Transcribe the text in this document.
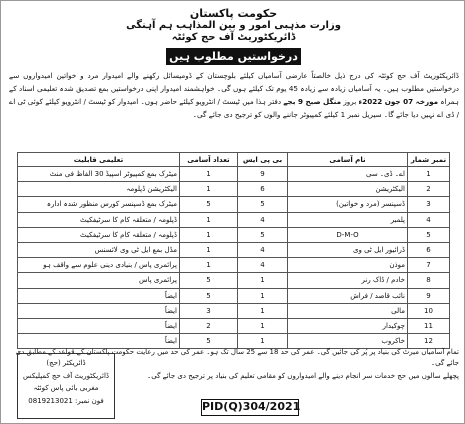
حکومت پاکستان
وزارت مذہبی امور و بین المذاہب ہم آہنگی
ڈائریکٹوریٹ آف حج کوئٹہ
درخواستیں مطلوب ہیں
ڈائریکٹوریٹ آف حج کوئٹہ کی درج ذیل خالصتاً عارضی آسامیاں کیلئے بلوچستان کے ڈومیسائل رکھنے والے امیدوار مرد و خواتین امیدواروں سے درخواستیں مطلوب ہیں۔ یہ آسامیاں زیادہ سے زیادہ 45 یوم تک کیلئے ہوں گی۔ خواہشمند امیدوار اپنی درخواستیں بمع تصدیق شدہ تعلیمی اسناد کے ہمراہ مورخہ 07 جون 2022ء بروز منگل صبح 9 بجے دفتر ہذا میں ٹیسٹ / انٹرویو کیلئے حاضر ہوں۔ امیدوار کو ٹیسٹ / انٹرویو کیلئے کوئی ٹی اے / ڈی اے نہیں دیا جائے گا۔ سیریل نمبر 1 کیلئے کمپیوٹر جاننے والوں کو ترجیح دی جائے گی۔
نمبر شمار	نام آسامی	بی پی ایس	تعداد آسامی	تعلیمی قابلیت
1	اے۔ ڈی۔ سی	9	1	میٹرک بمع کمپیوٹر اسپیڈ 30 الفاظ فی منٹ
2	الیکٹریشن	6	1	الیکٹریشن ڈپلومہ
3	ڈسپنسر (مرد و خواتین)	5	5	میٹرک بمع ڈسپنسر کورس منظور شدہ ادارہ
4	پلمبر	4	1	ڈپلومہ / متعلقہ کام کا سرٹیفکیٹ
5	D-M-O	5	1	ڈپلومہ / متعلقہ کام کا سرٹیفکیٹ
6	ڈرائیور ایل ٹی وی	4	1	مڈل بمع ایل ٹی وی لائسنس
7	موذن	4	1	پرائمری پاس / بنیادی دینی علوم سے واقف ہو
8	خادم / ڈاک رنر	1	5	پرائمری پاس
9	نائب قاصد / فراش	1	5	ایضاً
10	مالی	1	3	ایضاً
11	چوکیدار	1	2	ایضاً
12	خاکروب	1	5	ایضاً
تمام آسامیاں میرٹ کی بنیاد پر پُر کی جائیں گی۔ عمر کی حد 18 سے 25 سال تک ہو۔ عمر کی حد میں رعایت حکومت پاکستان کے قواعد کے مطابق دی جائے گی۔
پچھلے سالوں میں حج خدمات سر انجام دینے والے امیدواروں کو مقامی تعلیم کی بنیاد پر ترجیح دی جائے گی۔
ڈائریکٹر (حج)
ڈائریکٹوریٹ آف حج کمپلیکس
مغربی بائی پاس کوئٹہ
فون نمبر: 0819213021	PID(Q)304/2021
